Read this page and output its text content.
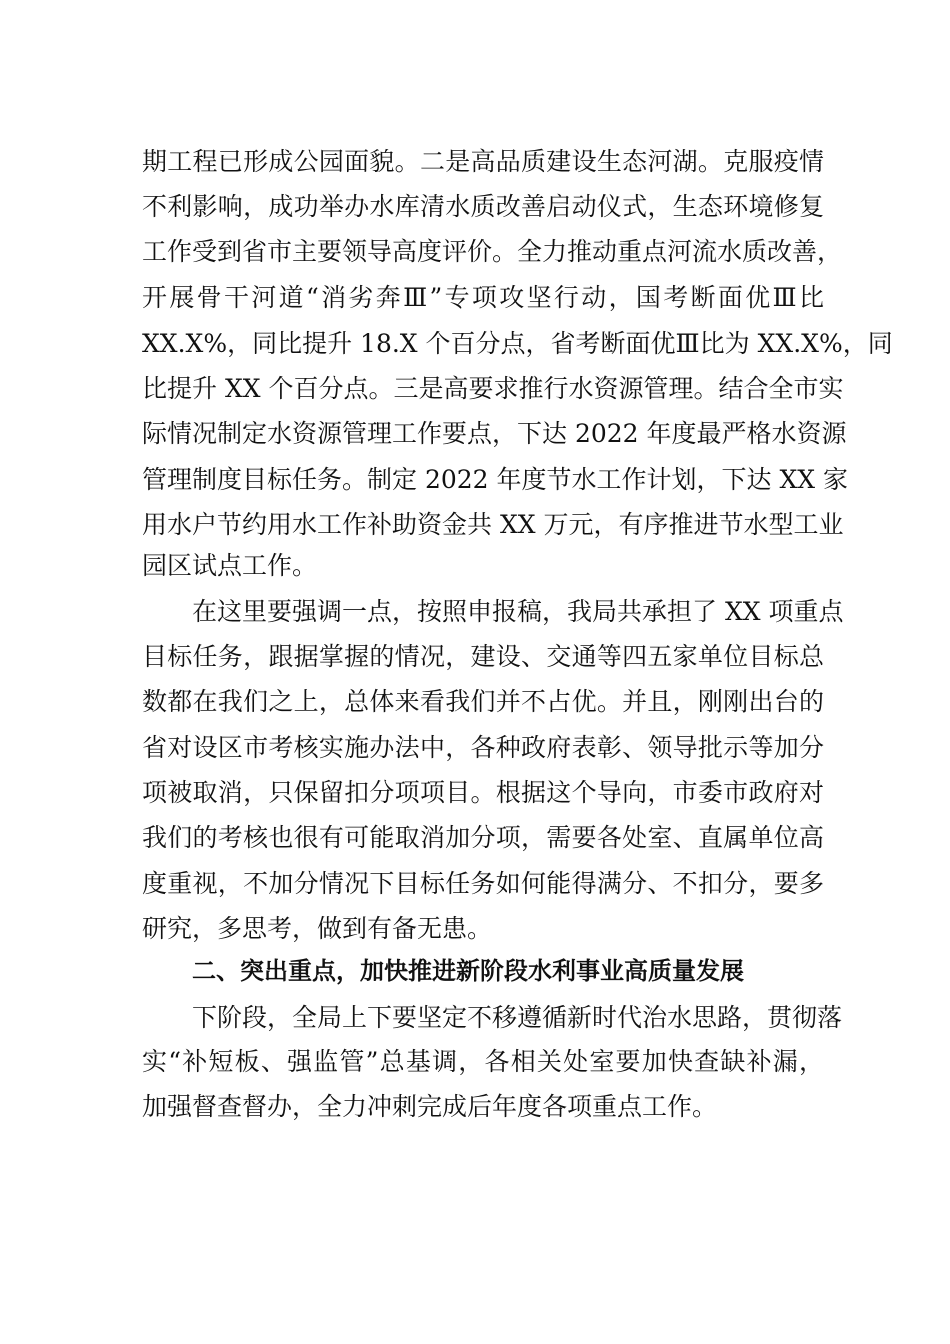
期工程已形成公园面貌。二是高品质建设生态河湖。克服疫情
不利影响，成功举办水库清水质改善启动仪式，生态环境修复
工作受到省市主要领导高度评价。全力推动重点河流水质改善，
开展骨干河道“消劣奔Ⅲ”专项攻坚行动，国考断面优Ⅲ比
XX.X%，同比提升 18.X 个百分点，省考断面优Ⅲ比为 XX.X%，同
比提升 XX 个百分点。三是高要求推行水资源管理。结合全市实
际情况制定水资源管理工作要点，下达 2022 年度最严格水资源
管理制度目标任务。制定 2022 年度节水工作计划，下达 XX 家
用水户节约用水工作补助资金共 XX 万元，有序推进节水型工业
园区试点工作。
在这里要强调一点，按照申报稿，我局共承担了 XX 项重点
目标任务，跟据掌握的情况，建设、交通等四五家单位目标总
数都在我们之上，总体来看我们并不占优。并且，刚刚出台的
省对设区市考核实施办法中，各种政府表彰、领导批示等加分
项被取消，只保留扣分项项目。根据这个导向，市委市政府对
我们的考核也很有可能取消加分项，需要各处室、直属单位高
度重视，不加分情况下目标任务如何能得满分、不扣分，要多
研究，多思考，做到有备无患。
二、突出重点，加快推进新阶段水利事业高质量发展
下阶段，全局上下要坚定不移遵循新时代治水思路，贯彻落
实“补短板、强监管”总基调，各相关处室要加快查缺补漏，
加强督查督办，全力冲刺完成后年度各项重点工作。
